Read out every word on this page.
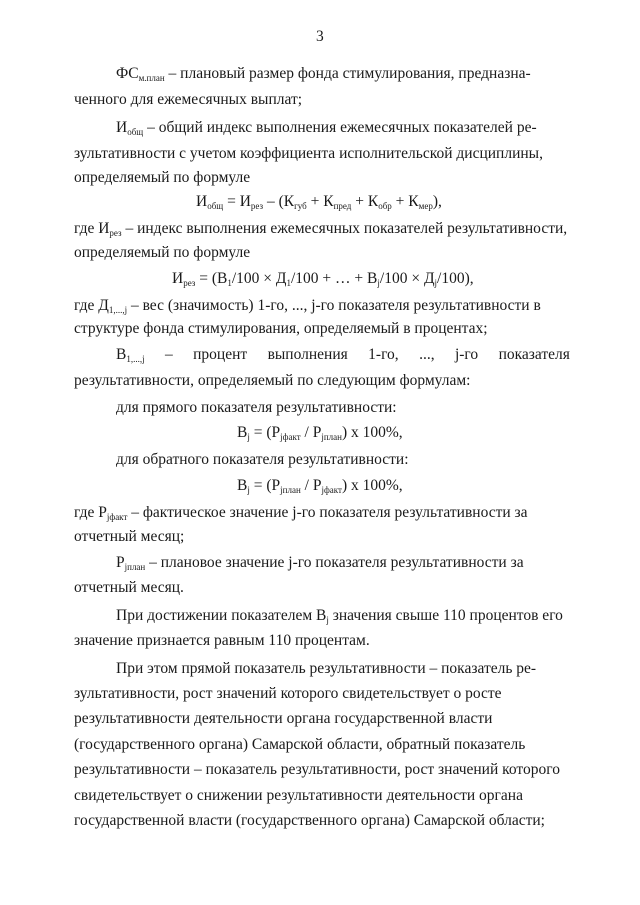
3
$ФС_{м.план}$ – плановый размер фонда стимулирования, предназна-
ченного для ежемесячных выплат;
$И_{общ}$ – общий индекс выполнения ежемесячных показателей ре-
зультативности с учетом коэффициента исполнительской дисциплины,
определяемый по формуле
$И_{общ} = И_{рез} - (К_{губ} + К_{пред} + К_{обр} + К_{мер})$,
где $И_{рез}$ – индекс выполнения ежемесячных показателей результативности,
определяемый по формуле
$И_{рез} = (В_1/100 \times Д_1/100$ + … + $В_j/100 \times Д_j/100$),
где $Д_{1,...,j}$ – вес (значимость) 1-го, ..., j-го показателя результативности в
структуре фонда стимулирования, определяемый в процентах;
$В_{1,...,j}$ – процент выполнения 1-го, ..., j-го показателя
результативности, определяемый по следующим формулам:
для прямого показателя результативности:
$В_j = (Р_{jфакт} / Р_{jплан})$ х 100%,
для обратного показателя результативности:
$В_j = (Р_{jплан} / Р_{jфакт})$ х 100%,
где $Р_{jфакт}$ – фактическое значение j-го показателя результативности за
отчетный месяц;
$Р_{jплан}$ – плановое значение j-го показателя результативности за
отчетный месяц.
При достижении показателем $В_j$ значения свыше 110 процентов его
значение признается равным 110 процентам.
При этом прямой показатель результативности – показатель ре-
зультативности, рост значений которого свидетельствует о росте
результативности деятельности органа государственной власти
(государственного органа) Самарской области, обратный показатель
результативности – показатель результативности, рост значений которого
свидетельствует о снижении результативности деятельности органа
государственной власти (государственного органа) Самарской области;
